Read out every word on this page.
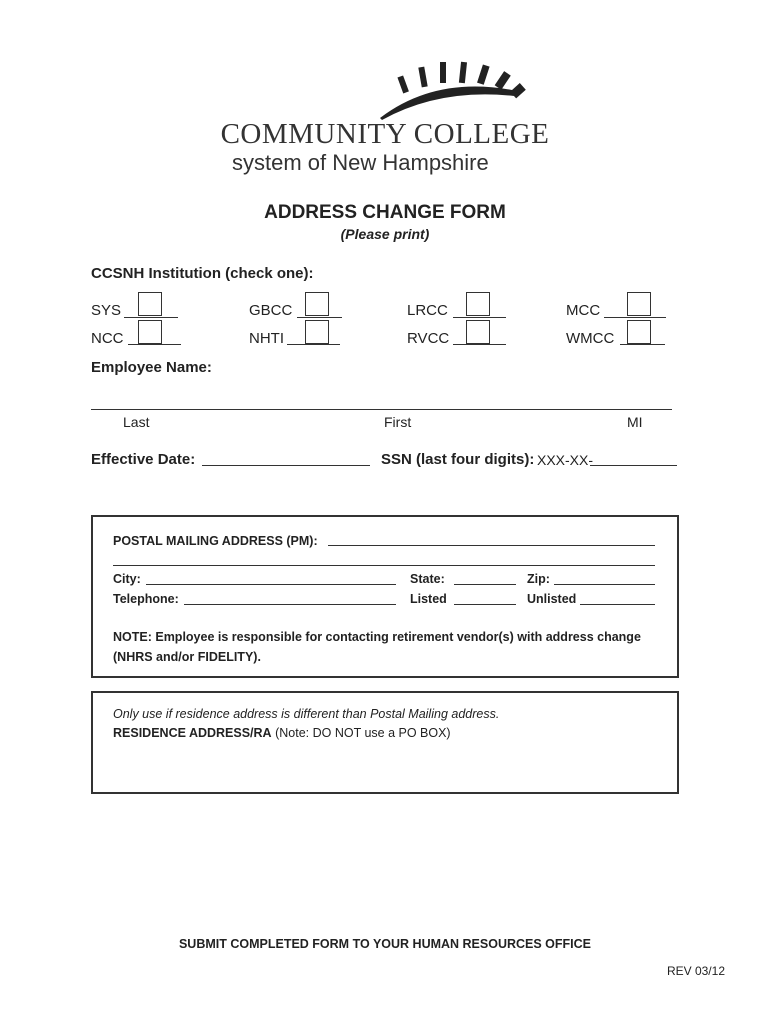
COMMUNITY COLLEGE
system of New Hampshire
ADDRESS CHANGE FORM
(Please print)
CCSNH Institution (check one):
SYS	GBCC	LRCC	MCC
NCC	NHTI	RVCC	WMCC
Employee Name:
Last	First	MI
Effective Date:	SSN (last four digits): XXX-XX-
POSTAL MAILING ADDRESS (PM):
City:	State:	Zip:
Telephone:	Listed	Unlisted
NOTE: Employee is responsible for contacting retirement vendor(s) with address change
(NHRS and/or FIDELITY).
Only use if residence address is different than Postal Mailing address.
RESIDENCE ADDRESS/RA (Note: DO NOT use a PO BOX)
SUBMIT COMPLETED FORM TO YOUR HUMAN RESOURCES OFFICE
REV 03/12
